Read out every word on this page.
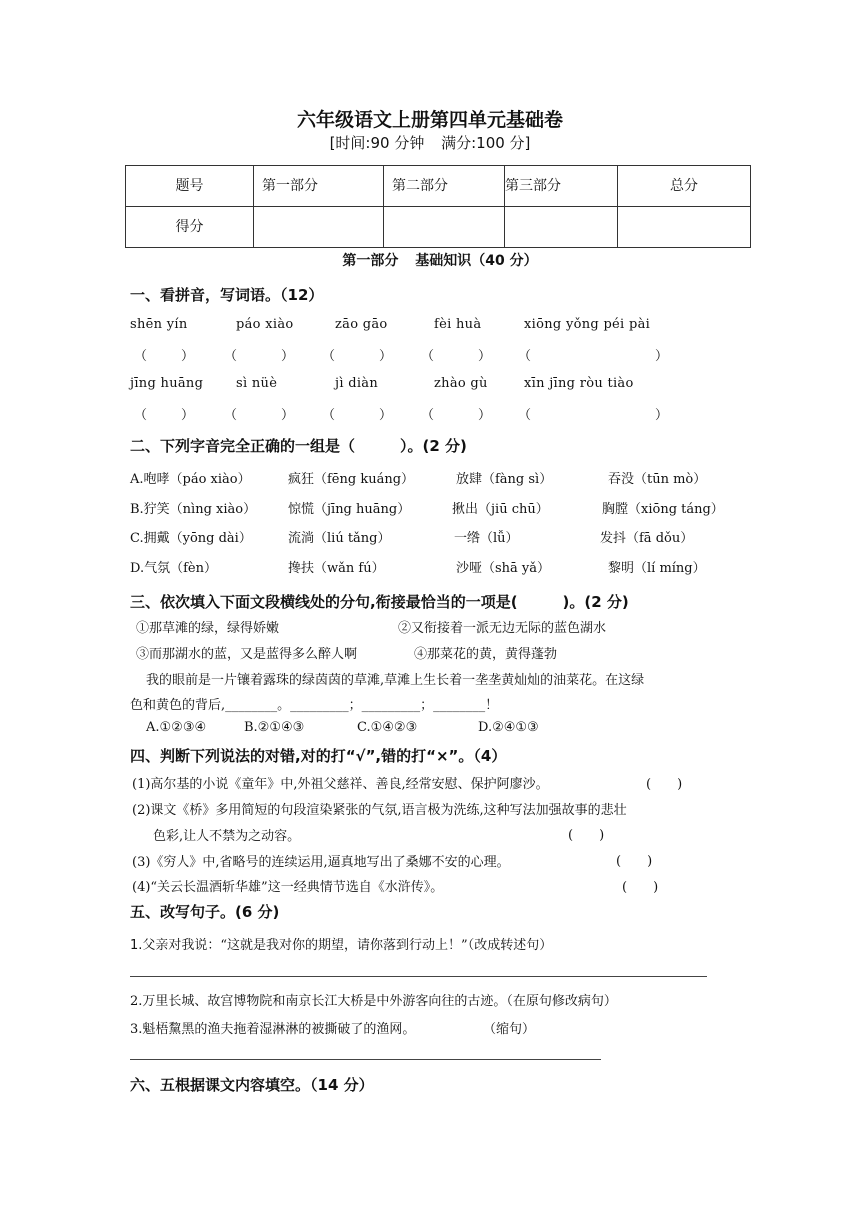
六年级语文上册第四单元基础卷
[时间:90 分钟 满分:100 分]
题号	第一部分	第二部分	第三部分	总分

得分				

第一部分 基础知识（40 分）
一、看拼音，写词语。（12）
shēn yín	páo xiào	zāo gāo	fèi huà	xiōng yǒng péi pài
（	） （	） （	） （	） （	）
jīng huāng	sì nüè	jì diàn	zhào gù	xīn jīng ròu tiào
（	） （	） （	） （	） （	）
二、下列字音完全正确的一组是（　　　）。(2 分)
A.咆哮（páo xiào）	疯狂（fēng kuáng）	放肆（fàng sì）	吞没（tūn mò）
B.狞笑（nìng xiào） 惊慌（jīng huāng）	揪出（jiū chū）	胸膛（xiōng táng）
C.拥戴（yōng dài）	流淌（liú tǎng）	一绺（lǚ）	发抖（fā dǒu）
D.气氛（fèn）	搀扶（wǎn fú）	沙哑（shā yǎ）	黎明（lí míng）
三、依次填入下面文段横线处的分句,衔接最恰当的一项是(　　　)。(2 分)
①那草滩的绿，绿得娇嫩	②又衔接着一派无边无际的蓝色湖水
③而那湖水的蓝，又是蓝得多么醉人啊	④那菜花的黄，黄得蓬勃
我的眼前是一片镶着露珠的绿茵茵的草滩,草滩上生长着一垄垄黄灿灿的油菜花。在这绿
色和黄色的背后,________。_________；_________；________！
A.①②③④	B.②①④③	C.①④②③	D.②④①③
四、判断下列说法的对错,对的打“√”,错的打“×”。（4）
(1)高尔基的小说《童年》中,外祖父慈祥、善良,经常安慰、保护阿廖沙。	(　　)
(2)课文《桥》多用简短的句段渲染紧张的气氛,语言极为洗练,这种写法加强故事的悲壮
色彩,让人不禁为之动容。	(　　)
(3)《穷人》中,省略号的连续运用,逼真地写出了桑娜不安的心理。	(　　)
(4)“关云长温酒斩华雄”这一经典情节选自《水浒传》。	(　　)
五、改写句子。(6 分)
1.父亲对我说：“这就是我对你的期望，请你落到行动上！”（改成转述句）
2.万里长城、故宫博物院和南京长江大桥是中外游客向往的古迹。（在原句修改病句）
3.魁梧黧黑的渔夫拖着湿淋淋的被撕破了的渔网。	（缩句）
六、五根据课文内容填空。（14 分）
